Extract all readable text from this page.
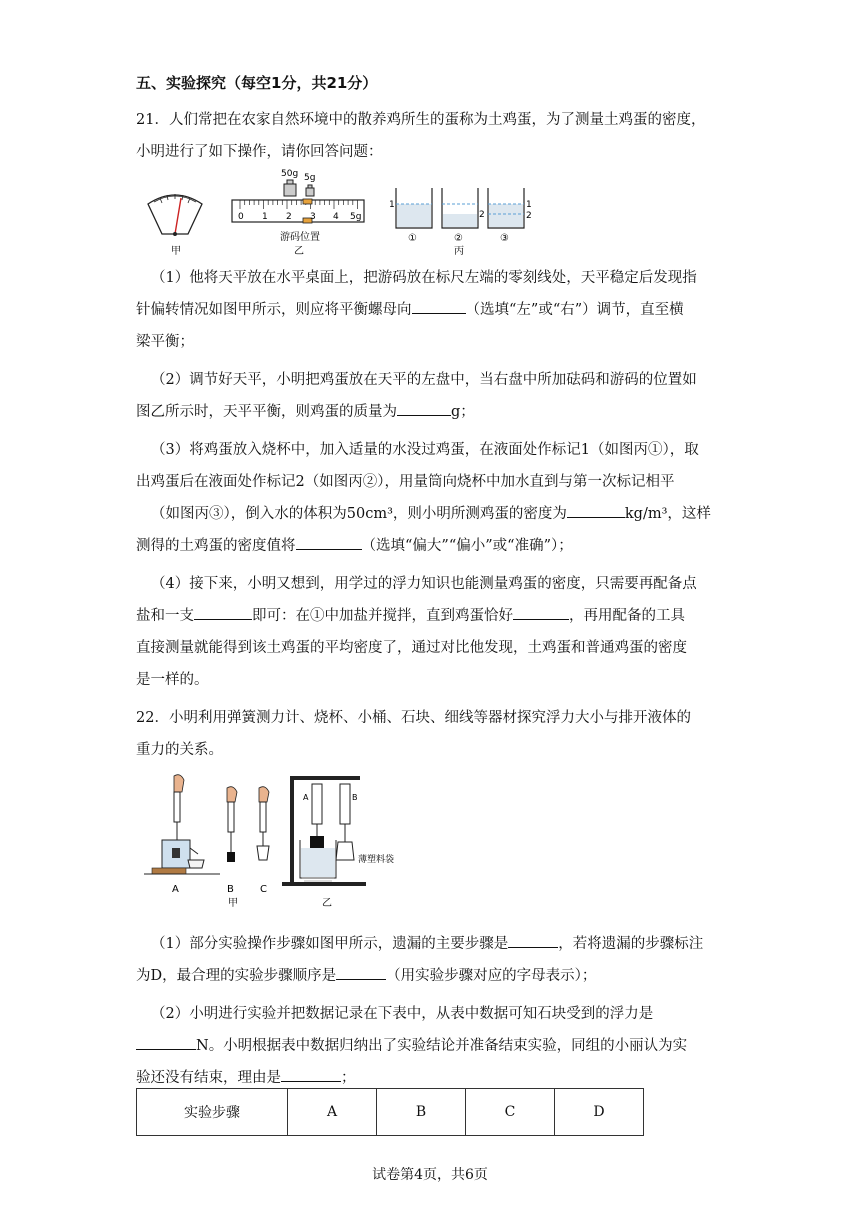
五、实验探究（每空1分，共21分）
21．人们常把在农家自然环境中的散养鸡所生的蛋称为土鸡蛋，为了测量土鸡蛋的密度，
小明进行了如下操作，请你回答问题：
甲
50g 5g
0 1 2 3 4 5g
游码位置
乙
1
2
1
2
①	②	③
丙
（1）他将天平放在水平桌面上，把游码放在标尺左端的零刻线处，天平稳定后发现指
针偏转情况如图甲所示，则应将平衡螺母向	（选填“左”或“右”）调节，直至横
梁平衡；
（2）调节好天平，小明把鸡蛋放在天平的左盘中，当右盘中所加砝码和游码的位置如
图乙所示时，天平平衡，则鸡蛋的质量为	g；
（3）将鸡蛋放入烧杯中，加入适量的水没过鸡蛋，在液面处作标记1（如图丙①），取
出鸡蛋后在液面处作标记2（如图丙②），用量筒向烧杯中加水直到与第一次标记相平
（如图丙③），倒入水的体积为50cm³，则小明所测鸡蛋的密度为	kg/m³，这样
测得的土鸡蛋的密度值将	（选填“偏大”“偏小”或“准确”）；
（4）接下来，小明又想到，用学过的浮力知识也能测量鸡蛋的密度，只需要再配备点
盐和一支	即可：在①中加盐并搅拌，直到鸡蛋恰好	，再用配备的工具
直接测量就能得到该土鸡蛋的平均密度了，通过对比他发现，土鸡蛋和普通鸡蛋的密度
是一样的。
22．小明利用弹簧测力计、烧杯、小桶、石块、细线等器材探究浮力大小与排开液体的
重力的关系。
A	B	C
甲
A	B
薄塑料袋
乙
（1）部分实验操作步骤如图甲所示，遗漏的主要步骤是	，若将遗漏的步骤标注
为D，最合理的实验步骤顺序是	（用实验步骤对应的字母表示）；
（2）小明进行实验并把数据记录在下表中，从表中数据可知石块受到的浮力是
N。小明根据表中数据归纳出了实验结论并准备结束实验，同组的小丽认为实
验还没有结束，理由是	；
实验步骤	A	B	C	D
试卷第4页，共6页
